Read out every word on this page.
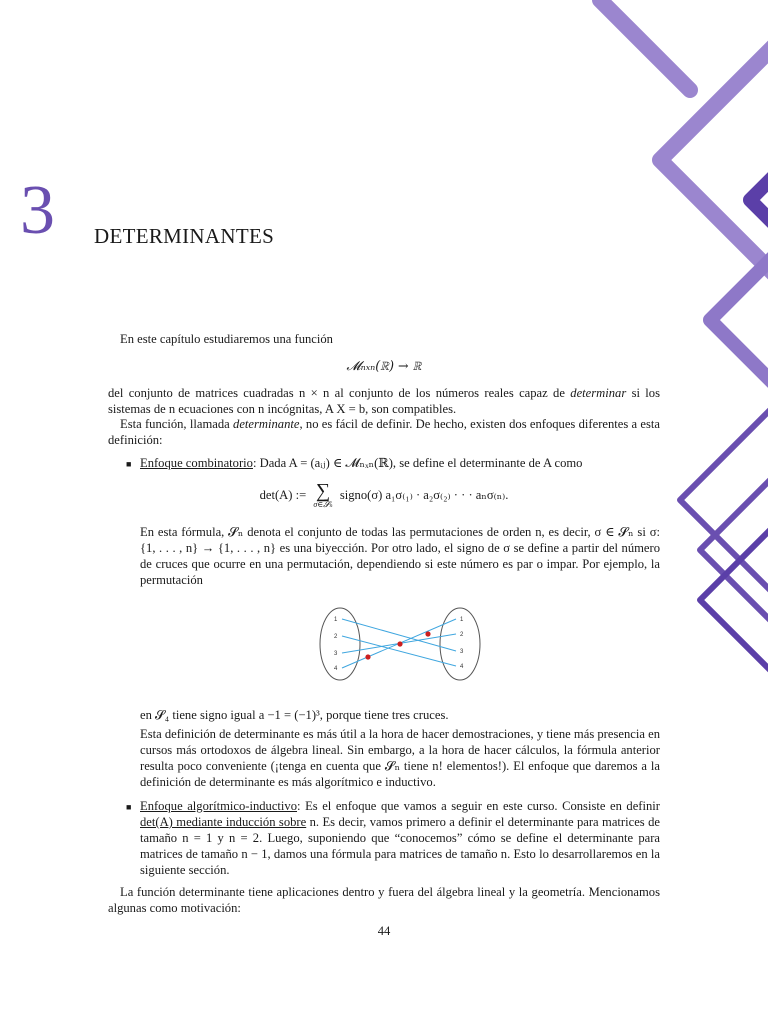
3 DETERMINANTES
En este capítulo estudiaremos una función
𝓜ₙₓₙ(ℝ) → ℝ
del conjunto de matrices cuadradas n × n al conjunto de los números reales capaz de determinar si los sistemas de n ecuaciones con n incógnitas, A X = b, son compatibles.
Esta función, llamada determinante, no es fácil de definir. De hecho, existen dos enfoques diferentes a esta definición:
■ Enfoque combinatorio: Dada A = (aᵢⱼ) ∈ 𝓜ₙₓₙ(ℝ), se define el determinante de A como
det(A) := ∑
σ∈𝓢ₙ
signo(σ) a₁σ₍₁₎ · a₂σ₍₂₎ · · · aₙσ₍ₙ₎.
En esta fórmula, 𝓢ₙ denota el conjunto de todas las permutaciones de orden n, es decir, σ ∈ 𝓢ₙ si σ: {1, . . . , n} → {1, . . . , n} es una biyección. Por otro lado, el signo de σ se define a partir del número de cruces que ocurre en una permutación, dependiendo si este número es par o impar. Por ejemplo, la permutación
1
2
3
4
1
2
3
4
en 𝓢₄ tiene signo igual a −1 = (−1)³, porque tiene tres cruces.
Esta definición de determinante es más útil a la hora de hacer demostraciones, y tiene más presencia en cursos más ortodoxos de álgebra lineal. Sin embargo, a la hora de hacer cálculos, la fórmula anterior resulta poco conveniente (¡tenga en cuenta que 𝓢ₙ tiene n! elementos!). El enfoque que daremos a la definición de determinante es más algorítmico e inductivo.
■ Enfoque algorítmico-inductivo: Es el enfoque que vamos a seguir en este curso. Consiste en definir det(A) mediante inducción sobre n. Es decir, vamos primero a definir el determinante para matrices de tamaño n = 1 y n = 2. Luego, suponiendo que “conocemos” cómo se define el determinante para matrices de tamaño n − 1, damos una fórmula para matrices de tamaño n. Esto lo desarrollaremos en la siguiente sección.
La función determinante tiene aplicaciones dentro y fuera del álgebra lineal y la geometría. Mencionamos algunas como motivación:
44
